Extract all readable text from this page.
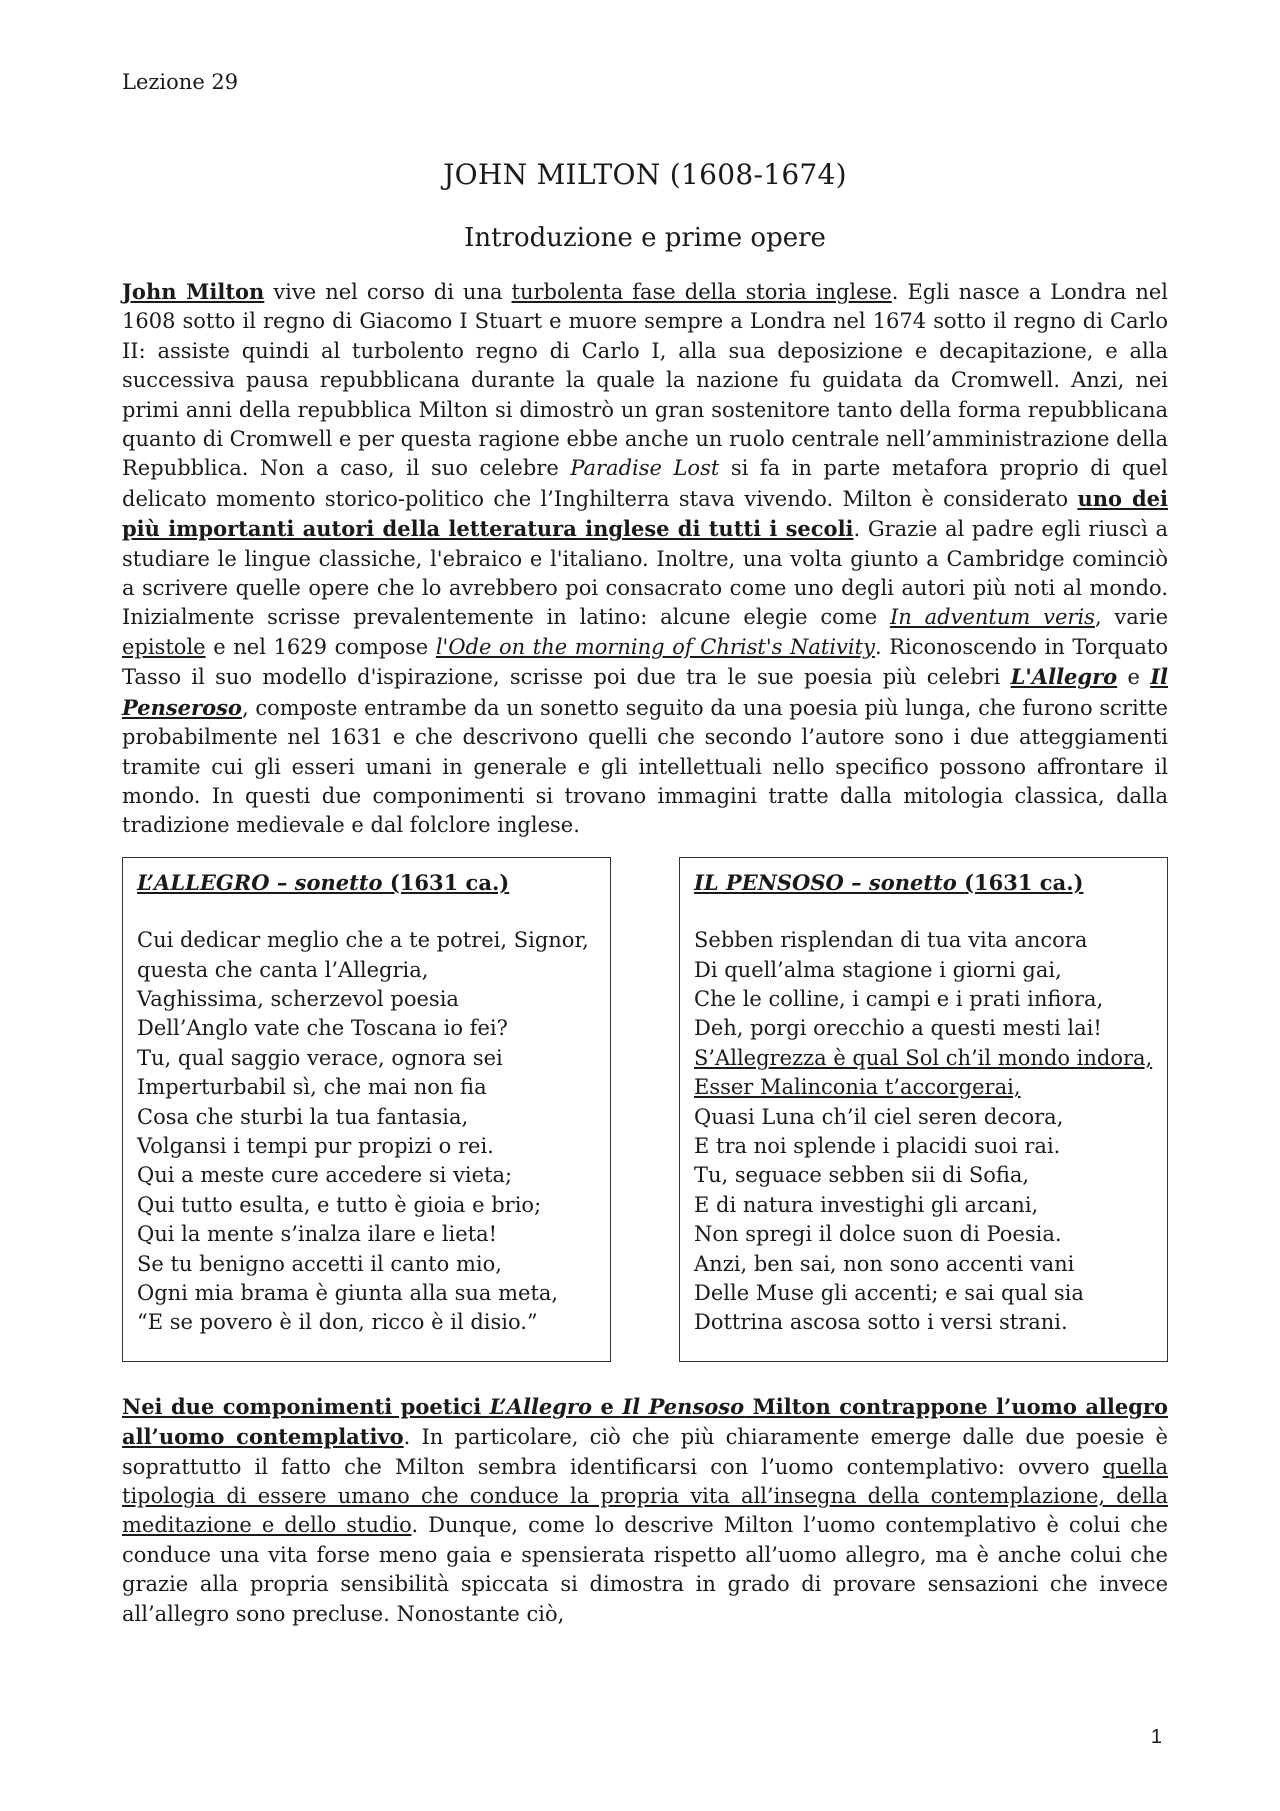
Lezione 29

JOHN MILTON (1608-1674)
Introduzione e prime opere

John Milton vive nel corso di una turbolenta fase della storia inglese. Egli nasce a Londra nel 1608 sotto il regno di Giacomo I Stuart e muore sempre a Londra nel 1674 sotto il regno di Carlo II: assiste quindi al turbolento regno di Carlo I, alla sua deposizione e decapitazione, e alla successiva pausa repubblicana durante la quale la nazione fu guidata da Cromwell. Anzi, nei primi anni della repubblica Milton si dimostrò un gran sostenitore tanto della forma repubblicana quanto di Cromwell e per questa ragione ebbe anche un ruolo centrale nell’amministrazione della Repubblica. Non a caso, il suo celebre Paradise Lost si fa in parte metafora proprio di quel delicato momento storico-politico che l’Inghilterra stava vivendo. Milton è considerato uno dei più importanti autori della letteratura inglese di tutti i secoli. Grazie al padre egli riuscì a studiare le lingue classiche, l'ebraico e l'italiano. Inoltre, una volta giunto a Cambridge cominciò a scrivere quelle opere che lo avrebbero poi consacrato come uno degli autori più noti al mondo. Inizialmente scrisse prevalentemente in latino: alcune elegie come In adventum veris, varie epistole e nel 1629 compose l'Ode on the morning of Christ's Nativity. Riconoscendo in Torquato Tasso il suo modello d'ispirazione, scrisse poi due tra le sue poesia più celebri L'Allegro e Il Penseroso, composte entrambe da un sonetto seguito da una poesia più lunga, che furono scritte probabilmente nel 1631 e che descrivono quelli che secondo l’autore sono i due atteggiamenti tramite cui gli esseri umani in generale e gli intellettuali nello specifico possono affrontare il mondo. In questi due componimenti si trovano immagini tratte dalla mitologia classica, dalla tradizione medievale e dal folclore inglese.

L’ALLEGRO – sonetto (1631 ca.)

Cui dedicar meglio che a te potrei, Signor,

questa che canta l’Allegria,

Vaghissima, scherzevol poesia

Dell’Anglo vate che Toscana io fei?

Tu, qual saggio verace, ognora sei

Imperturbabil sì, che mai non fia

Cosa che sturbi la tua fantasia,

Volgansi i tempi pur propizi o rei.

Qui a meste cure accedere si vieta;

Qui tutto esulta, e tutto è gioia e brio;

Qui la mente s’inalza ilare e lieta!

Se tu benigno accetti il canto mio,

Ogni mia brama è giunta alla sua meta,

“E se povero è il don, ricco è il disio.”

IL PENSOSO – sonetto (1631 ca.)

Sebben risplendan di tua vita ancora

Di quell’alma stagione i giorni gai,

Che le colline, i campi e i prati infiora,

Deh, porgi orecchio a questi mesti lai!

S’Allegrezza è qual Sol ch’il mondo indora,

Esser Malinconia t’accorgerai,

Quasi Luna ch’il ciel seren decora,

E tra noi splende i placidi suoi rai.

Tu, seguace sebben sii di Sofia,

E di natura investighi gli arcani,

Non spregi il dolce suon di Poesia.

Anzi, ben sai, non sono accenti vani

Delle Muse gli accenti; e sai qual sia

Dottrina ascosa sotto i versi strani.

Nei due componimenti poetici L’Allegro e Il Pensoso Milton contrappone l’uomo allegro all’uomo contemplativo. In particolare, ciò che più chiaramente emerge dalle due poesie è soprattutto il fatto che Milton sembra identificarsi con l’uomo contemplativo: ovvero quella tipologia di essere umano che conduce la propria vita all’insegna della contemplazione, della meditazione e dello studio. Dunque, come lo descrive Milton l’uomo contemplativo è colui che conduce una vita forse meno gaia e spensierata rispetto all’uomo allegro, ma è anche colui che grazie alla propria sensibilità spiccata si dimostra in grado di provare sensazioni che invece all’allegro sono precluse. Nonostante ciò,

1
